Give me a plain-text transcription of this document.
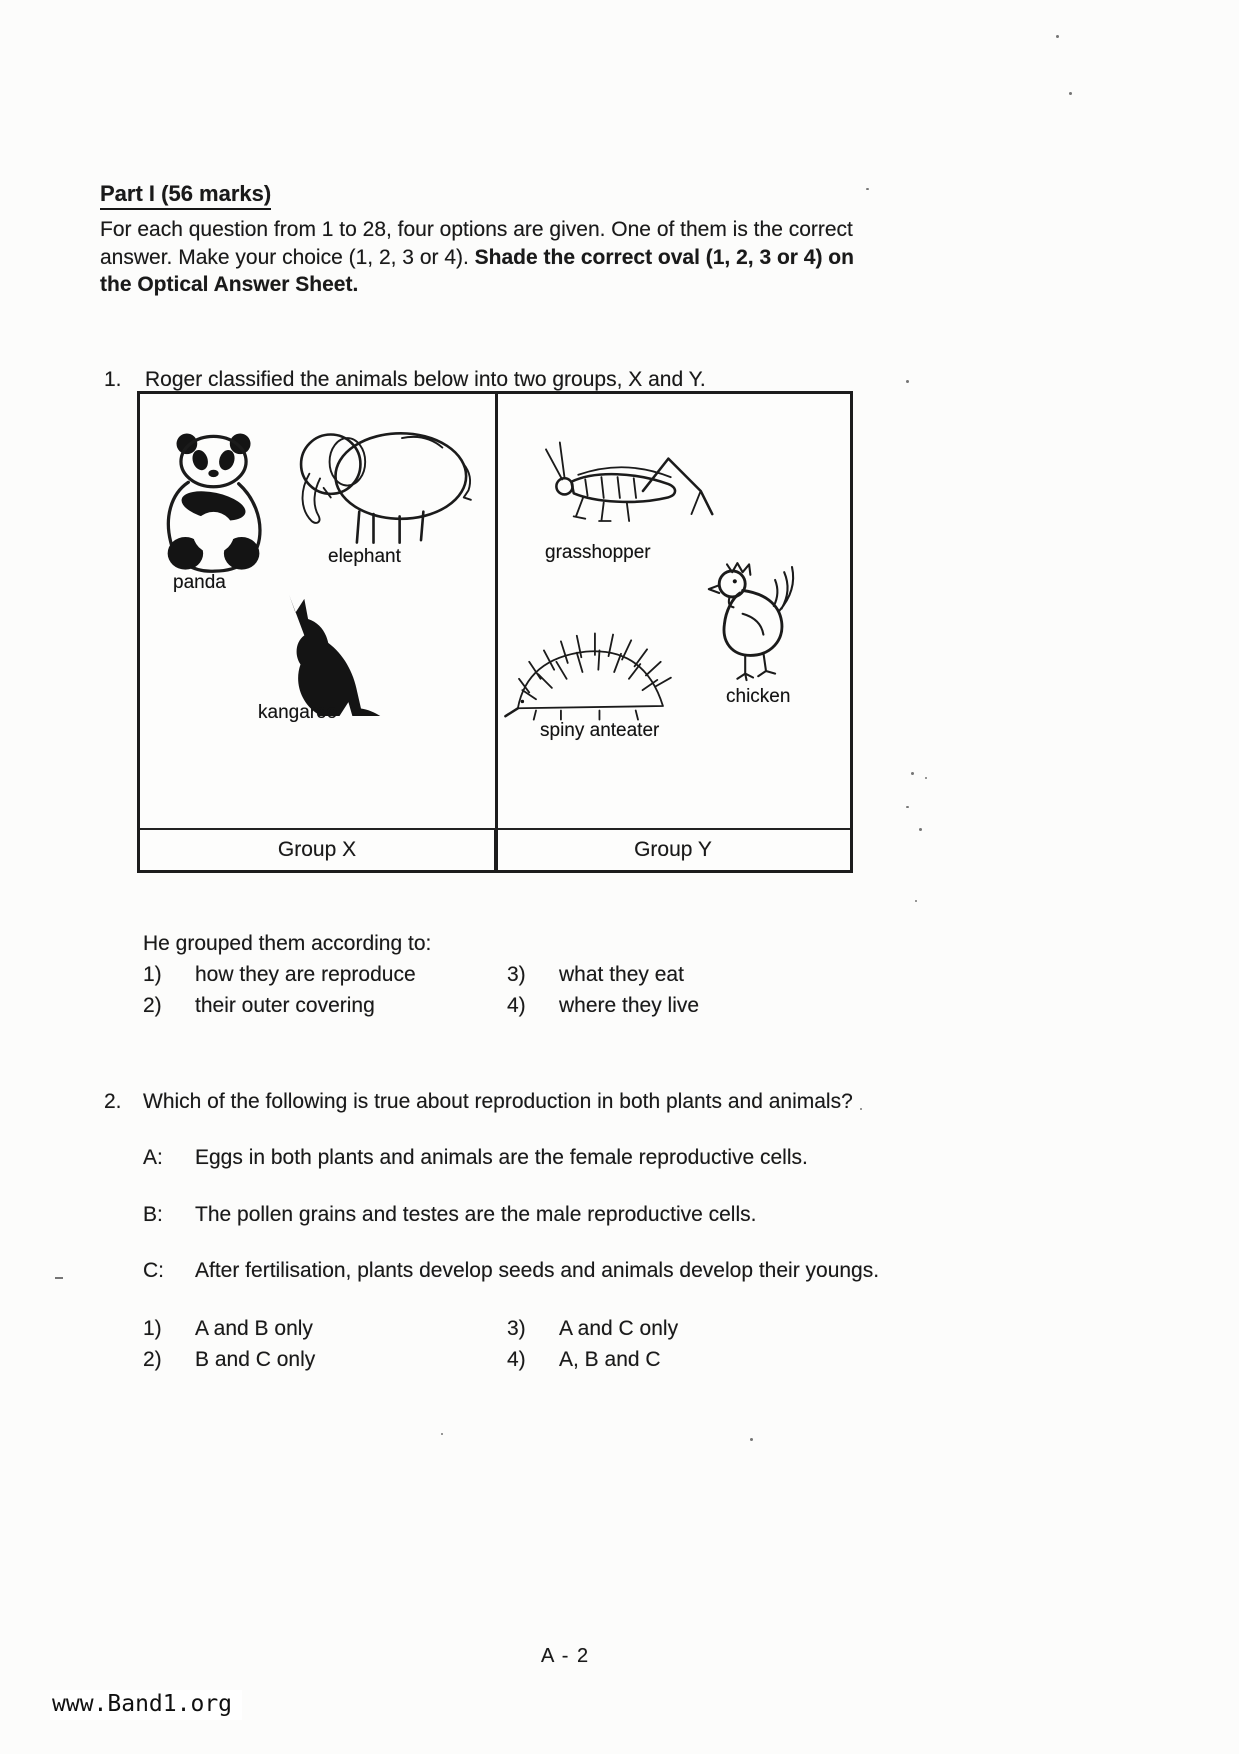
Part I (56 marks)
For each question from 1 to 28, four options are given. One of them is the correct
answer. Make your choice (1, 2, 3 or 4). Shade the correct oval (1, 2, 3 or 4) on
the Optical Answer Sheet.
1. Roger classified the animals below into two groups, X and Y.
panda
elephant
kangaroo
grasshopper
chicken
spiny anteater
Group X	Group Y
He grouped them according to:
1)	how they are reproduce	3)	what they eat
2)	their outer covering	4)	where they live
2. Which of the following is true about reproduction in both plants and animals?
A: Eggs in both plants and animals are the female reproductive cells.
B: The pollen grains and testes are the male reproductive cells.
C: After fertilisation, plants develop seeds and animals develop their youngs.
1)	A and B only	3)	A and C only
2)	B and C only	4)	A, B and C
A - 2
www.Band1.org
